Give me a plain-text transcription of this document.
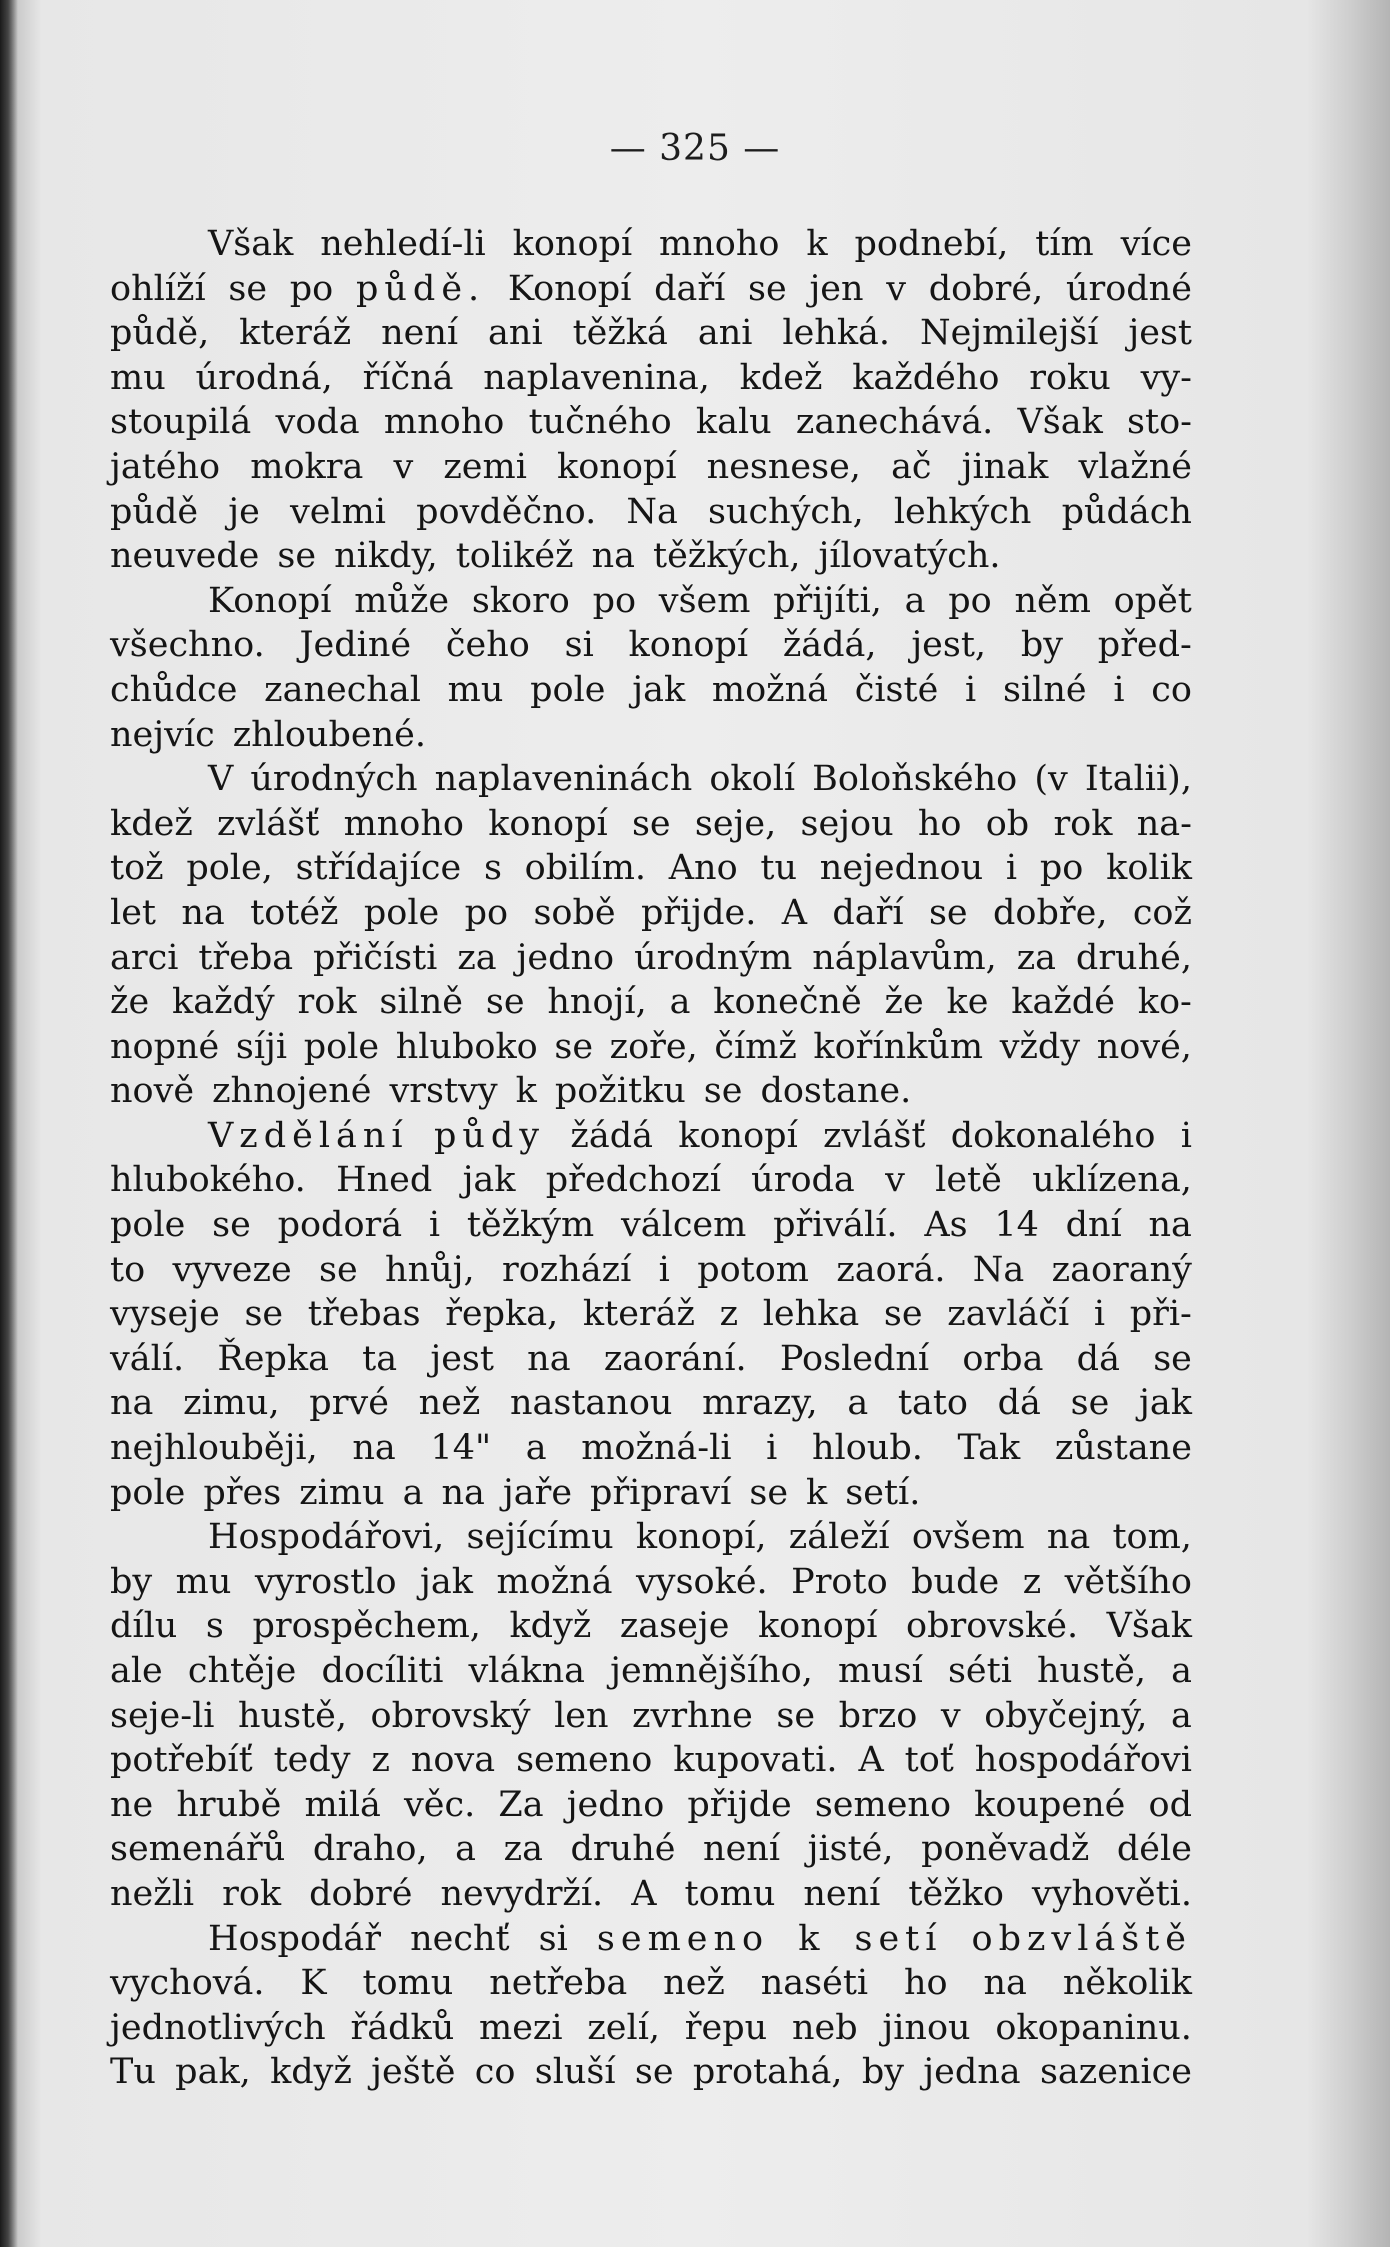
— 325 —
Však nehledí-li konopí mnoho k podnebí, tím více
ohlíží se po půdě. Konopí daří se jen v dobré, úrodné
půdě, kteráž není ani těžká ani lehká. Nejmilejší jest
mu úrodná, říčná naplavenina, kdež každého roku vy-
stoupilá voda mnoho tučného kalu zanechává. Však sto-
jatého mokra v zemi konopí nesnese, ač jinak vlažné
půdě je velmi povděčno. Na suchých, lehkých půdách
neuvede se nikdy, tolikéž na těžkých, jílovatých.
Konopí může skoro po všem přijíti, a po něm opět
všechno. Jediné čeho si konopí žádá, jest, by před-
chůdce zanechal mu pole jak možná čisté i silné i co
nejvíc zhloubené.
V úrodných naplaveninách okolí Boloňského (v Italii),
kdež zvlášť mnoho konopí se seje, sejou ho ob rok na-
tož pole, střídajíce s obilím. Ano tu nejednou i po kolik
let na totéž pole po sobě přijde. A daří se dobře, což
arci třeba přičísti za jedno úrodným náplavům, za druhé,
že každý rok silně se hnojí, a konečně že ke každé ko-
nopné síji pole hluboko se zoře, čímž kořínkům vždy nové,
nově zhnojené vrstvy k požitku se dostane.
Vzdělání půdy žádá konopí zvlášť dokonalého i
hlubokého. Hned jak předchozí úroda v letě uklízena,
pole se podorá i těžkým válcem přiválí. As 14 dní na
to vyveze se hnůj, rozhází i potom zaorá. Na zaoraný
vyseje se třebas řepka, kteráž z lehka se zavláčí i při-
válí. Řepka ta jest na zaorání. Poslední orba dá se
na zimu, prvé než nastanou mrazy, a tato dá se jak
nejhlouběji, na 14" a možná-li i hloub. Tak zůstane
pole přes zimu a na jaře připraví se k setí.
Hospodářovi, sejícímu konopí, záleží ovšem na tom,
by mu vyrostlo jak možná vysoké. Proto bude z většího
dílu s prospěchem, když zaseje konopí obrovské. Však
ale chtěje docíliti vlákna jemnějšího, musí séti hustě, a
seje-li hustě, obrovský len zvrhne se brzo v obyčejný, a
potřebíť tedy z nova semeno kupovati. A toť hospodářovi
ne hrubě milá věc. Za jedno přijde semeno koupené od
semenářů draho, a za druhé není jisté, poněvadž déle
nežli rok dobré nevydrží. A tomu není těžko vyhověti.
Hospodář nechť si semeno k setí obzvláště
vychová. K tomu netřeba než naséti ho na několik
jednotlivých řádků mezi zelí, řepu neb jinou okopaninu.
Tu pak, když ještě co sluší se protahá, by jedna sazenice
